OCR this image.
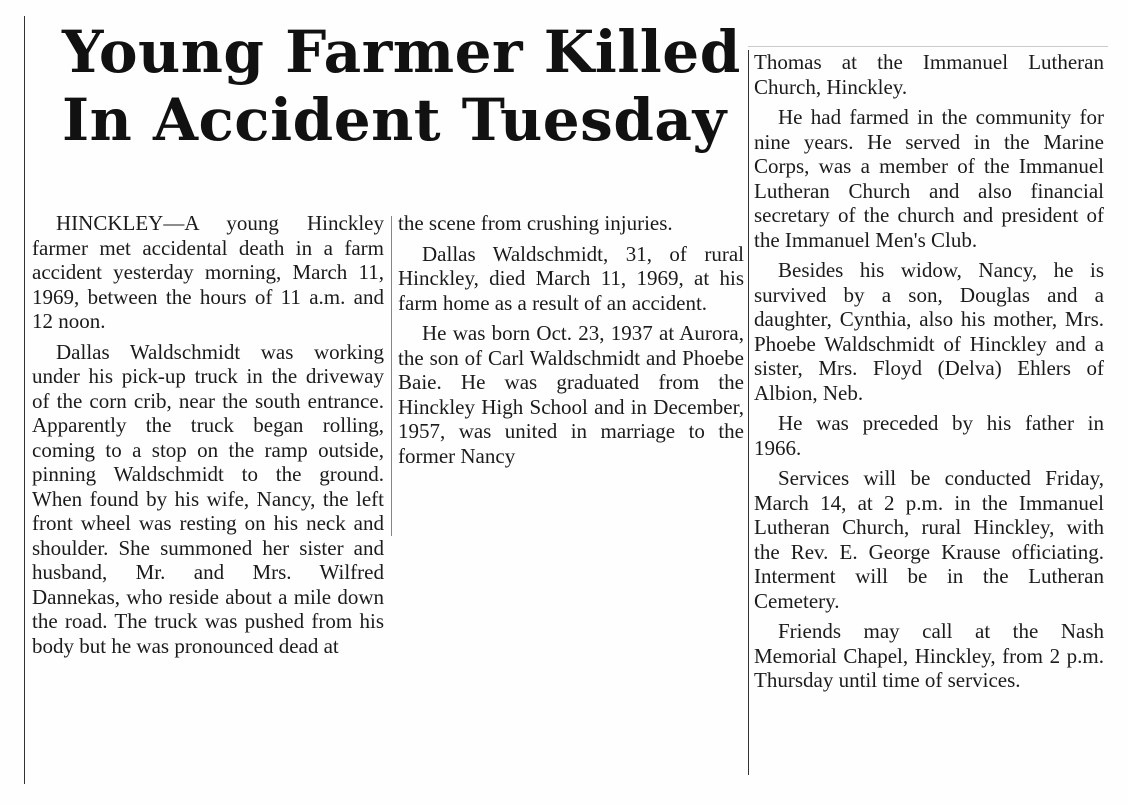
Young Farmer Killed
In Accident Tuesday

HINCKLEY—A young Hinckley farmer met accidental death in a farm accident yesterday morning, March 11, 1969, between the hours of 11 a.m. and 12 noon.

Dallas Waldschmidt was working under his pick-up truck in the driveway of the corn crib, near the south entrance. Apparently the truck began rolling, coming to a stop on the ramp outside, pinning Waldschmidt to the ground. When found by his wife, Nancy, the left front wheel was resting on his neck and shoulder. She summoned her sister and husband, Mr. and Mrs. Wilfred Dannekas, who reside about a mile down the road. The truck was pushed from his body but he was pronounced dead at

the scene from crushing injuries.

Dallas Waldschmidt, 31, of rural Hinckley, died March 11, 1969, at his farm home as a result of an accident.

He was born Oct. 23, 1937 at Aurora, the son of Carl Waldschmidt and Phoebe Baie. He was graduated from the Hinckley High School and in December, 1957, was united in marriage to the former Nancy

Thomas at the Immanuel Lutheran Church, Hinckley.

He had farmed in the community for nine years. He served in the Marine Corps, was a member of the Immanuel Lutheran Church and also financial secretary of the church and president of the Immanuel Men's Club.

Besides his widow, Nancy, he is survived by a son, Douglas and a daughter, Cynthia, also his mother, Mrs. Phoebe Waldschmidt of Hinckley and a sister, Mrs. Floyd (Delva) Ehlers of Albion, Neb.

He was preceded by his father in 1966.

Services will be conducted Friday, March 14, at 2 p.m. in the Immanuel Lutheran Church, rural Hinckley, with the Rev. E. George Krause officiating. Interment will be in the Lutheran Cemetery.

Friends may call at the Nash Memorial Chapel, Hinckley, from 2 p.m. Thursday until time of services.
